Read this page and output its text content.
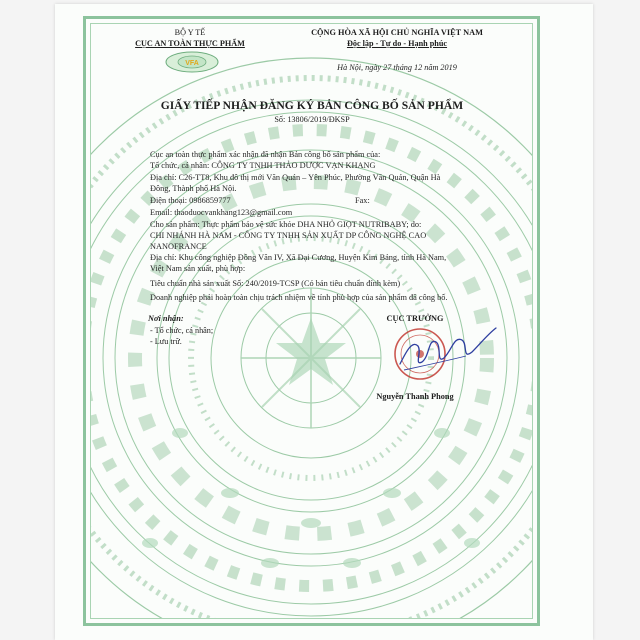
BỘ Y TẾ
CỤC AN TOÀN THỰC PHẨM
VFA
CỘNG HÒA XÃ HỘI CHỦ NGHĨA VIỆT NAM
Độc lập - Tự do - Hạnh phúc
Hà Nội, ngày 27 tháng 12 năm 2019
GIẤY TIẾP NHẬN ĐĂNG KÝ BẢN CÔNG BỐ SẢN PHẨM
Số: 13806/2019/ĐKSP
Cục an toàn thực phẩm xác nhận đã nhận Bản công bố sản phẩm của:
Tổ chức, cá nhân: CÔNG TY TNHH THẢO DƯỢC VẠN KHANG
Địa chỉ: C26-TT8, Khu đô thị mới Văn Quán – Yên Phúc, Phường Văn Quán, Quận Hà
Đông, Thành phố Hà Nội.
Điện thoại: 0986859777	Fax:
Email: thaoduocvankhang123@gmail.com
Cho sản phẩm: Thực phẩm bảo vệ sức khỏe DHA NHỎ GIỌT NUTRIBABY; do:
CHI NHÁNH HÀ NAM - CÔNG TY TNHH SẢN XUẤT DP CÔNG NGHỆ CAO
NANOFRANCE
Địa chỉ: Khu công nghiệp Đồng Văn IV, Xã Đại Cương, Huyện Kim Bảng, tỉnh Hà Nam,
Việt Nam sản xuất, phù hợp:
Tiêu chuẩn nhà sản xuất Số: 240/2019-TCSP (Có bản tiêu chuẩn đính kèm)
Doanh nghiệp phải hoàn toàn chịu trách nhiệm về tính phù hợp của sản phẩm đã công bố.
Nơi nhận:
- Tổ chức, cá nhân;
- Lưu trữ.
CỤC TRƯỞNG
Nguyễn Thanh Phong
